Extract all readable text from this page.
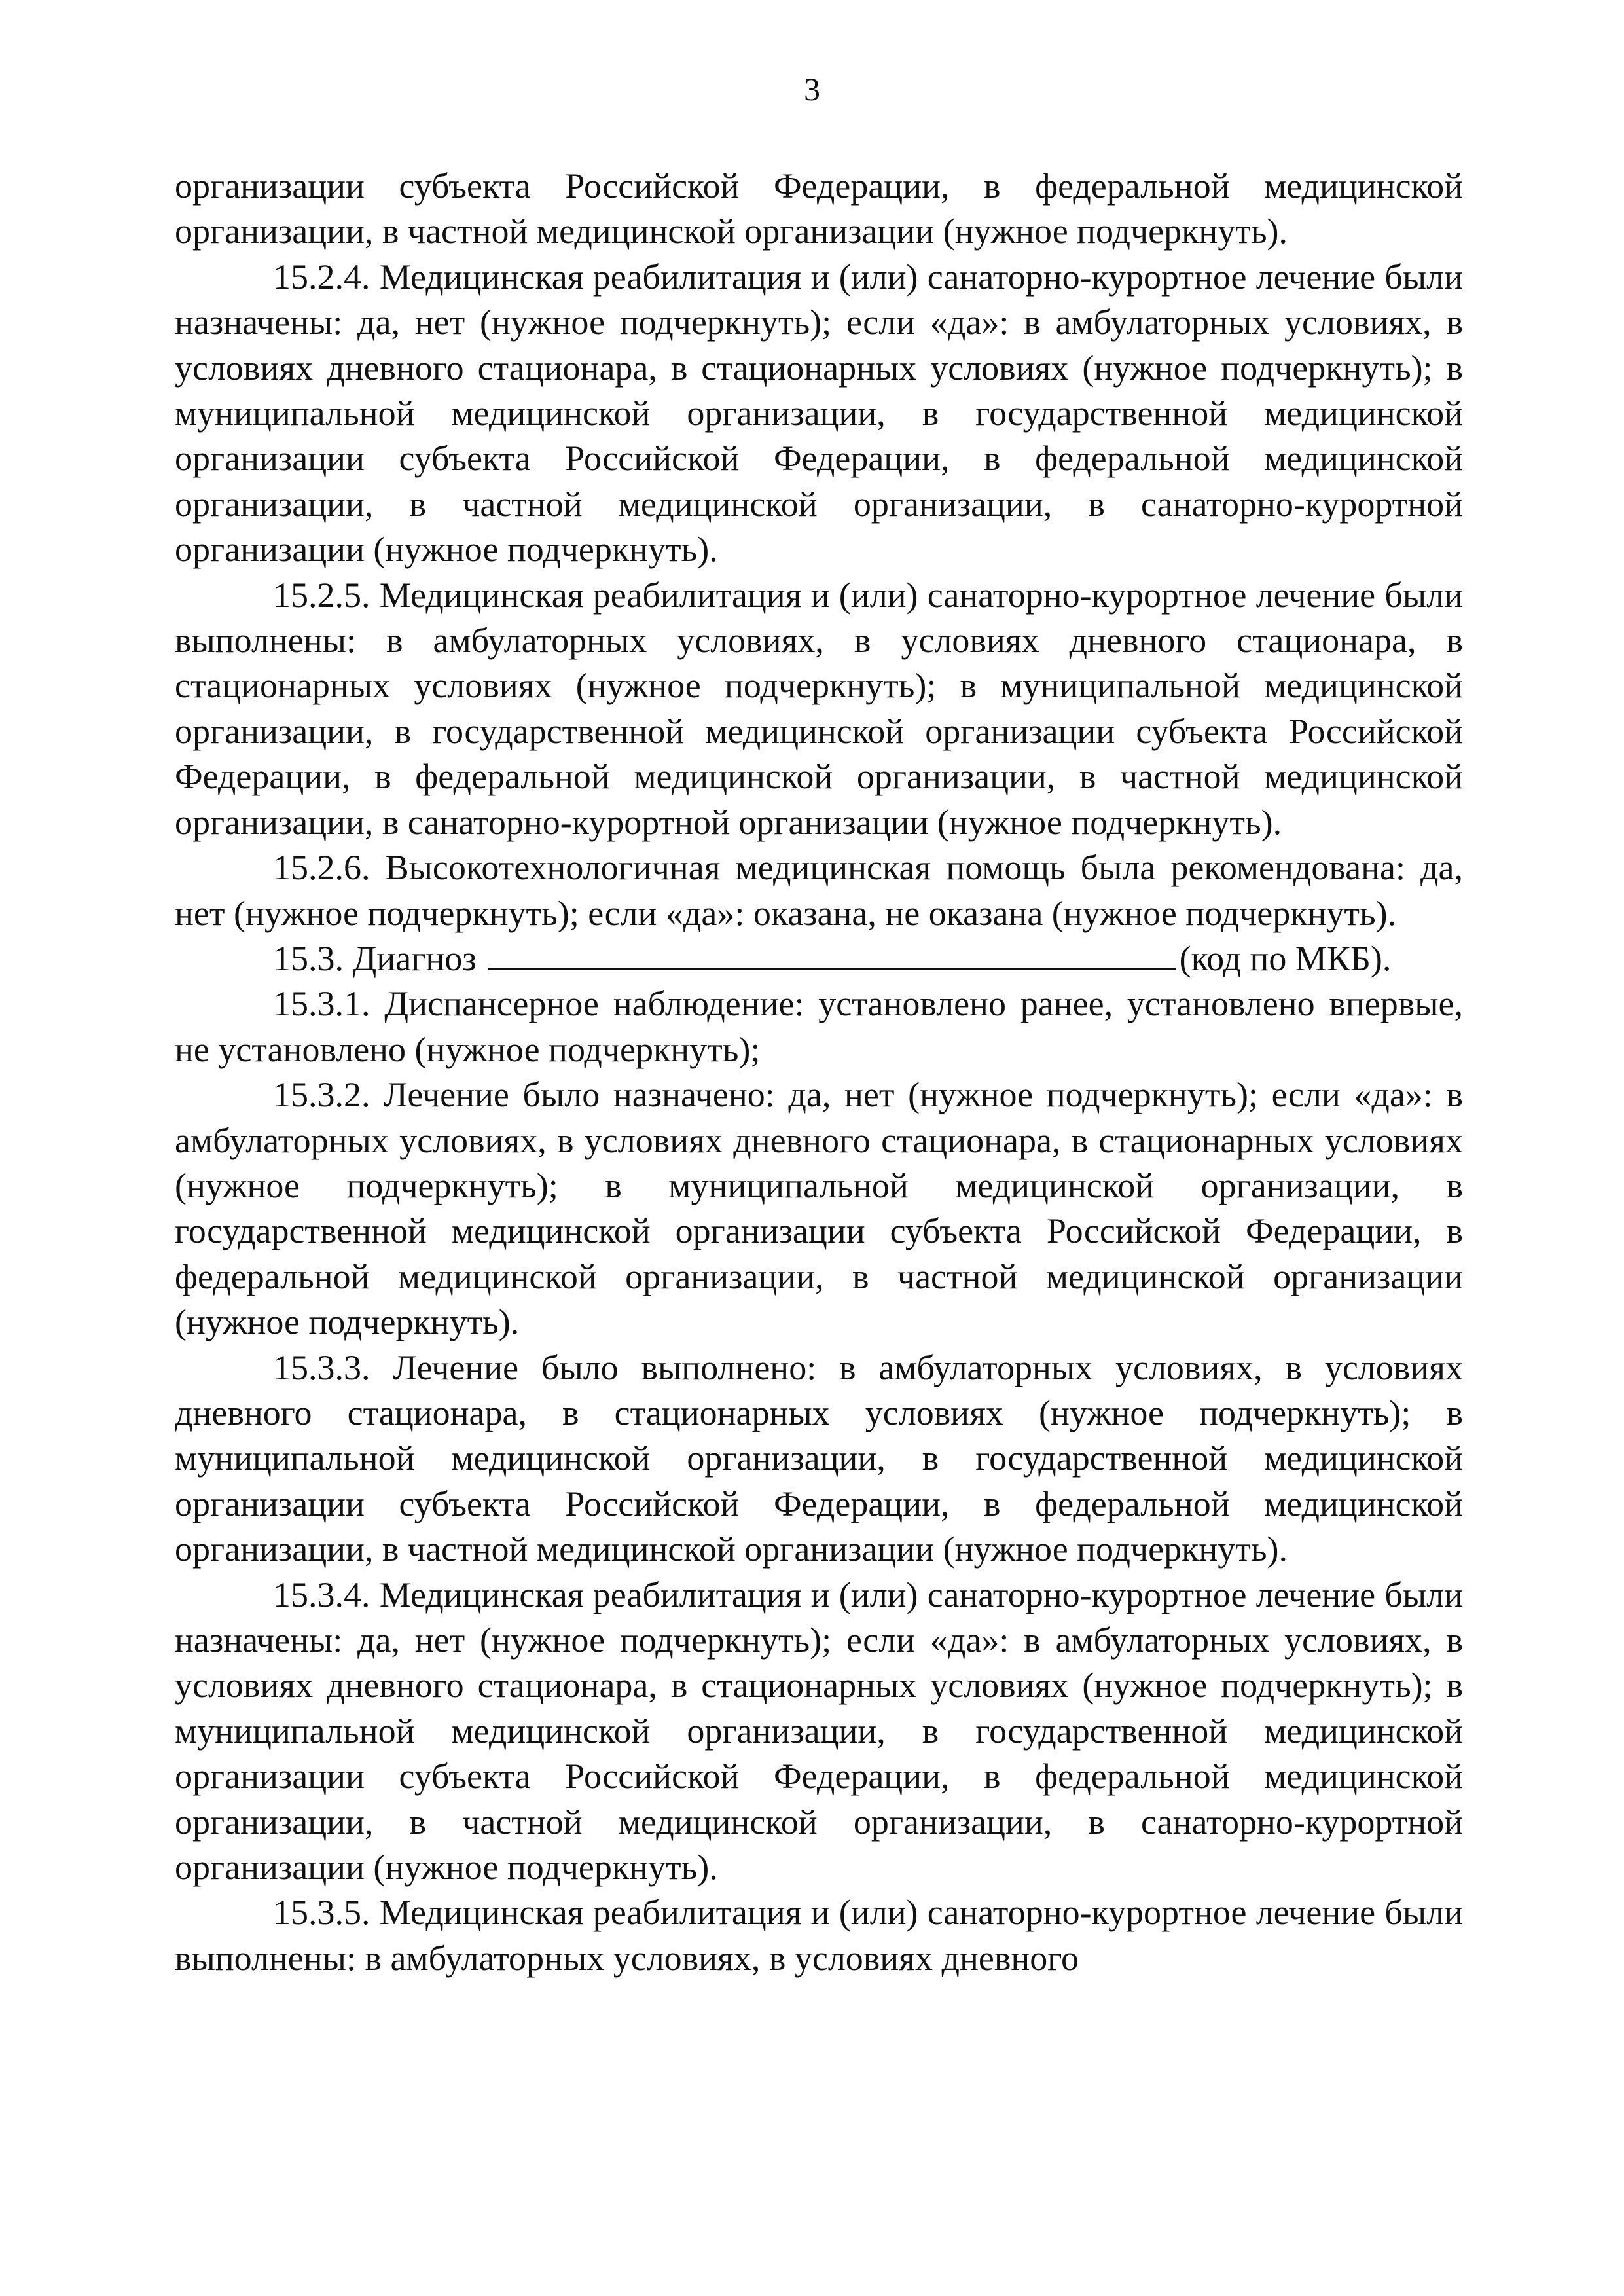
3

организации субъекта Российской Федерации, в федеральной медицинской организации, в частной медицинской организации (нужное подчеркнуть).

15.2.4. Медицинская реабилитация и (или) санаторно-курортное лечение были назначены: да, нет (нужное подчеркнуть); если «да»: в амбулаторных условиях, в условиях дневного стационара, в стационарных условиях (нужное подчеркнуть); в муниципальной медицинской организации, в государственной медицинской организации субъекта Российской Федерации, в федеральной медицинской организации, в частной медицинской организации, в санаторно-курортной организации (нужное подчеркнуть).

15.2.5. Медицинская реабилитация и (или) санаторно-курортное лечение были выполнены: в амбулаторных условиях, в условиях дневного стационара, в стационарных условиях (нужное подчеркнуть); в муниципальной медицинской организации, в государственной медицинской организации субъекта Российской Федерации, в федеральной медицинской организации, в частной медицинской организации, в санаторно-курортной организации (нужное подчеркнуть).

15.2.6. Высокотехнологичная медицинская помощь была рекомендована: да, нет (нужное подчеркнуть); если «да»: оказана, не оказана (нужное подчеркнуть).

15.3. Диагноз	(код по МКБ).

15.3.1. Диспансерное наблюдение: установлено ранее, установлено впервые, не установлено (нужное подчеркнуть);

15.3.2. Лечение было назначено: да, нет (нужное подчеркнуть); если «да»: в амбулаторных условиях, в условиях дневного стационара, в стационарных условиях (нужное подчеркнуть); в муниципальной медицинской организации, в государственной медицинской организации субъекта Российской Федерации, в федеральной медицинской организации, в частной медицинской организации (нужное подчеркнуть).

15.3.3. Лечение было выполнено: в амбулаторных условиях, в условиях дневного стационара, в стационарных условиях (нужное подчеркнуть); в муниципальной медицинской организации, в государственной медицинской организации субъекта Российской Федерации, в федеральной медицинской организации, в частной медицинской организации (нужное подчеркнуть).

15.3.4. Медицинская реабилитация и (или) санаторно-курортное лечение были назначены: да, нет (нужное подчеркнуть); если «да»: в амбулаторных условиях, в условиях дневного стационара, в стационарных условиях (нужное подчеркнуть); в муниципальной медицинской организации, в государственной медицинской организации субъекта Российской Федерации, в федеральной медицинской организации, в частной медицинской организации, в санаторно-курортной организации (нужное подчеркнуть).

15.3.5. Медицинская реабилитация и (или) санаторно-курортное лечение были выполнены: в амбулаторных условиях, в условиях дневного
